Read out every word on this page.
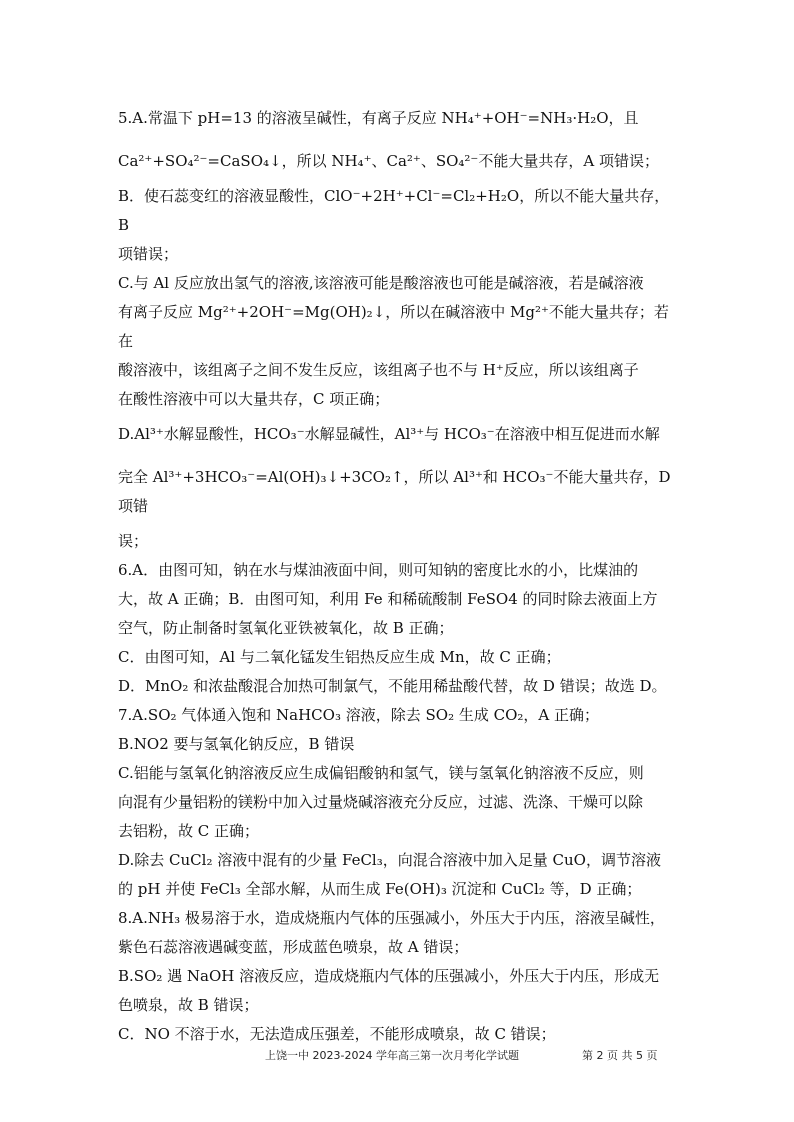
5.A.常温下 pH=13 的溶液呈碱性，有离子反应 NH₄⁺+OH⁻=NH₃·H₂O，且

Ca²⁺+SO₄²⁻=CaSO₄↓，所以 NH₄⁺、Ca²⁺、SO₄²⁻不能大量共存，A 项错误；

B．使石蕊变红的溶液显酸性，ClO⁻+2H⁺+Cl⁻=Cl₂+H₂O，所以不能大量共存，B

项错误；

C.与 Al 反应放出氢气的溶液,该溶液可能是酸溶液也可能是碱溶液，若是碱溶液

有离子反应 Mg²⁺+2OH⁻=Mg(OH)₂↓，所以在碱溶液中 Mg²⁺不能大量共存；若在

酸溶液中，该组离子之间不发生反应，该组离子也不与 H⁺反应，所以该组离子

在酸性溶液中可以大量共存，C 项正确；

D.Al³⁺水解显酸性，HCO₃⁻水解显碱性，Al³⁺与 HCO₃⁻在溶液中相互促进而水解

完全 Al³⁺+3HCO₃⁻=Al(OH)₃↓+3CO₂↑，所以 Al³⁺和 HCO₃⁻不能大量共存，D 项错

误；

6.A．由图可知，钠在水与煤油液面中间，则可知钠的密度比水的小，比煤油的

大，故 A 正确；B．由图可知，利用 Fe 和稀硫酸制 FeSO4 的同时除去液面上方

空气，防止制备时氢氧化亚铁被氧化，故 B 正确；

C．由图可知，Al 与二氧化锰发生铝热反应生成 Mn，故 C 正确；

D．MnO₂ 和浓盐酸混合加热可制氯气，不能用稀盐酸代替，故 D 错误；故选 D。

7.A.SO₂ 气体通入饱和 NaHCO₃ 溶液，除去 SO₂ 生成 CO₂，A 正确；

B.NO2 要与氢氧化钠反应，B 错误

C.铝能与氢氧化钠溶液反应生成偏铝酸钠和氢气，镁与氢氧化钠溶液不反应，则

向混有少量铝粉的镁粉中加入过量烧碱溶液充分反应，过滤、洗涤、干燥可以除

去铝粉，故 C 正确；

D.除去 CuCl₂ 溶液中混有的少量 FeCl₃，向混合溶液中加入足量 CuO，调节溶液

的 pH 并使 FeCl₃ 全部水解，从而生成 Fe(OH)₃ 沉淀和 CuCl₂ 等，D 正确；

8.A.NH₃ 极易溶于水，造成烧瓶内气体的压强减小，外压大于内压，溶液呈碱性，

紫色石蕊溶液遇碱变蓝，形成蓝色喷泉，故 A 错误；

B.SO₂ 遇 NaOH 溶液反应，造成烧瓶内气体的压强减小，外压大于内压，形成无

色喷泉，故 B 错误；

C．NO 不溶于水，无法造成压强差，不能形成喷泉，故 C 错误；

上饶一中 2023-2024 学年高三第一次月考化学试题	第 2 页 共 5 页
